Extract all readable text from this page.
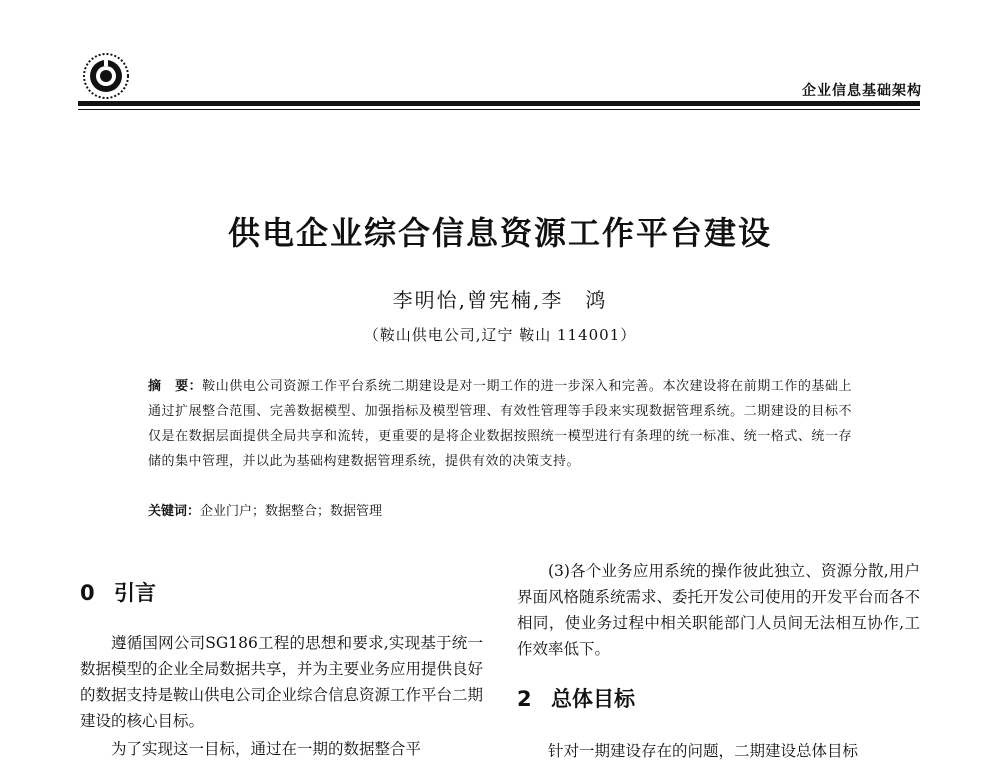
企业信息基础架构
供电企业综合信息资源工作平台建设
李明怡,曾宪楠,李　鸿
（鞍山供电公司,辽宁 鞍山 114001）
摘　要：鞍山供电公司资源工作平台系统二期建设是对一期工作的进一步深入和完善。本次建设将在前期工作的基础上通过扩展整合范围、完善数据模型、加强指标及模型管理、有效性管理等手段来实现数据管理系统。二期建设的目标不仅是在数据层面提供全局共享和流转，更重要的是将企业数据按照统一模型进行有条理的统一标准、统一格式、统一存储的集中管理，并以此为基础构建数据管理系统，提供有效的决策支持。
关键词：企业门户；数据整合；数据管理
0 引言

遵循国网公司SG186工程的思想和要求,实现基于统一数据模型的企业全局数据共享，并为主要业务应用提供良好的数据支持是鞍山供电公司企业综合信息资源工作平台二期建设的核心目标。

为了实现这一目标，通过在一期的数据整合平

(3)各个业务应用系统的操作彼此独立、资源分散,用户界面风格随系统需求、委托开发公司使用的开发平台而各不相同，使业务过程中相关职能部门人员间无法相互协作,工作效率低下。

2 总体目标

针对一期建设存在的问题，二期建设总体目标
